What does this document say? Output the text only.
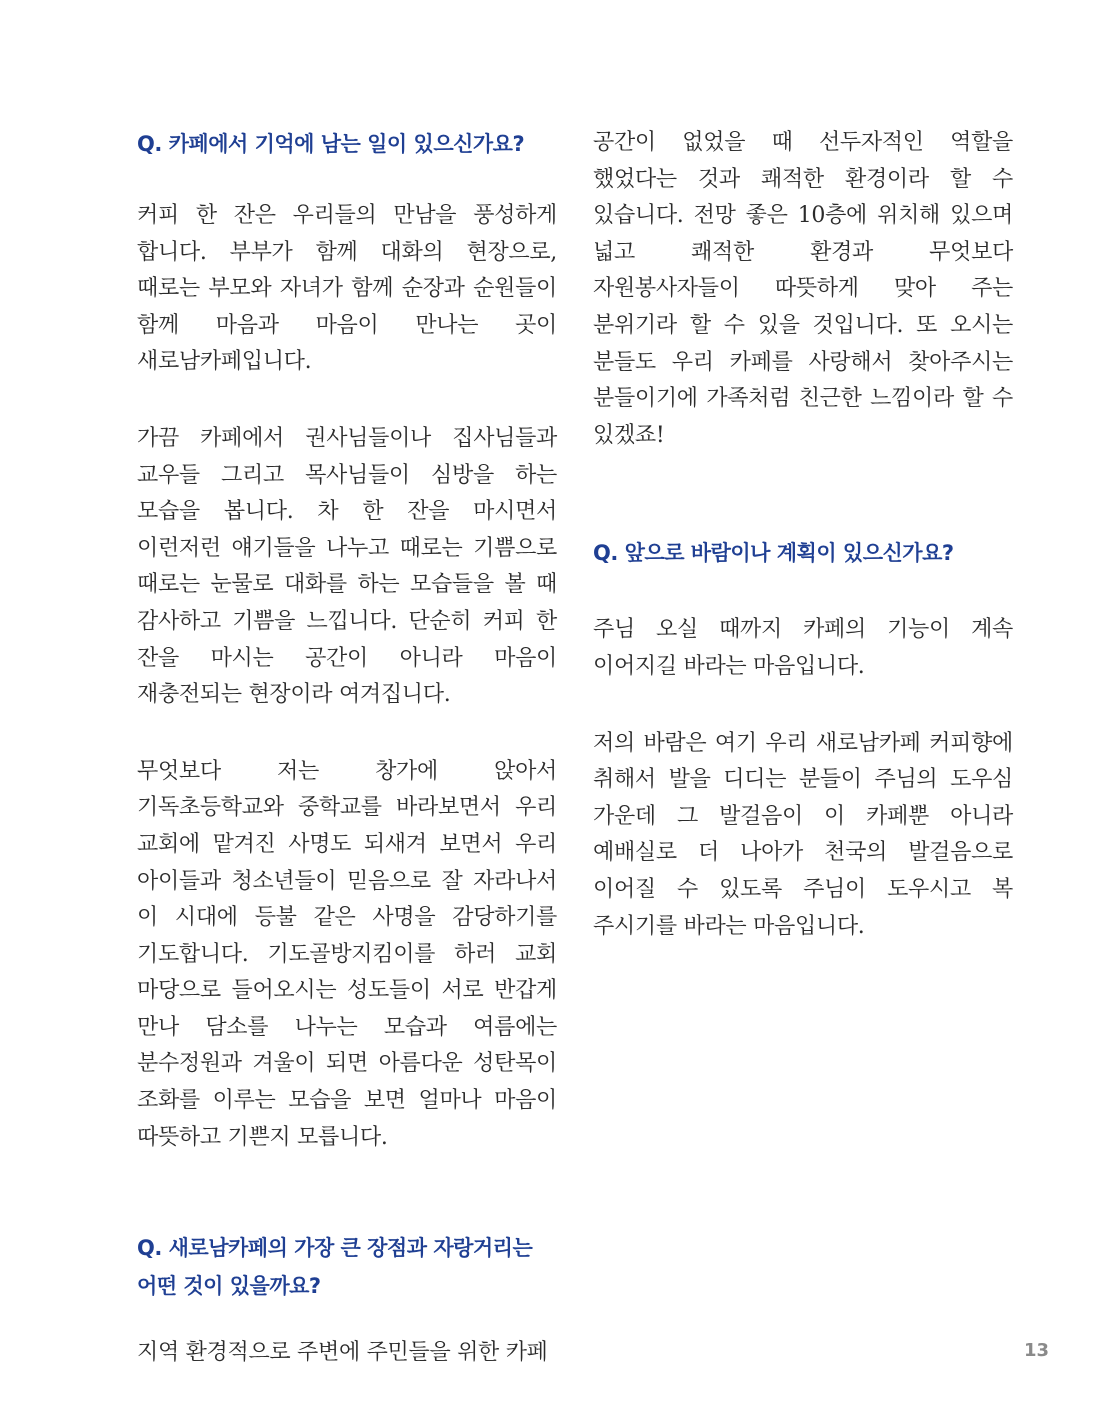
Q. 카페에서 기억에 남는 일이 있으신가요?

커피 한 잔은 우리들의 만남을 풍성하게 합니다. 부부가 함께 대화의 현장으로, 때로는 부모와 자녀가 함께 순장과 순원들이 함께 마음과 마음이 만나는 곳이 새로남카페입니다.

가끔 카페에서 권사님들이나 집사님들과 교우들 그리고 목사님들이 심방을 하는 모습을 봅니다. 차 한 잔을 마시면서 이런저런 얘기들을 나누고 때로는 기쁨으로 때로는 눈물로 대화를 하는 모습들을 볼 때 감사하고 기쁨을 느낍니다. 단순히 커피 한 잔을 마시는 공간이 아니라 마음이 재충전되는 현장이라 여겨집니다.

무엇보다 저는 창가에 앉아서 기독초등학교와 중학교를 바라보면서 우리 교회에 맡겨진 사명도 되새겨 보면서 우리 아이들과 청소년들이 믿음으로 잘 자라나서 이 시대에 등불 같은 사명을 감당하기를 기도합니다. 기도골방지킴이를 하러 교회 마당으로 들어오시는 성도들이 서로 반갑게 만나 담소를 나누는 모습과 여름에는 분수정원과 겨울이 되면 아름다운 성탄목이 조화를 이루는 모습을 보면 얼마나 마음이 따뜻하고 기쁜지 모릅니다.

Q. 새로남카페의 가장 큰 장점과 자랑거리는 어떤 것이 있을까요?

지역 환경적으로 주변에 주민들을 위한 카페

공간이 없었을 때 선두자적인 역할을 했었다는 것과 쾌적한 환경이라 할 수 있습니다. 전망 좋은 10층에 위치해 있으며 넓고 쾌적한 환경과 무엇보다 자원봉사자들이 따뜻하게 맞아 주는 분위기라 할 수 있을 것입니다. 또 오시는 분들도 우리 카페를 사랑해서 찾아주시는 분들이기에 가족처럼 친근한 느낌이라 할 수 있겠죠!

Q. 앞으로 바람이나 계획이 있으신가요?

주님 오실 때까지 카페의 기능이 계속 이어지길 바라는 마음입니다.

저의 바람은 여기 우리 새로남카페 커피향에 취해서 발을 디디는 분들이 주님의 도우심 가운데 그 발걸음이 이 카페뿐 아니라 예배실로 더 나아가 천국의 발걸음으로 이어질 수 있도록 주님이 도우시고 복 주시기를 바라는 마음입니다.

13
